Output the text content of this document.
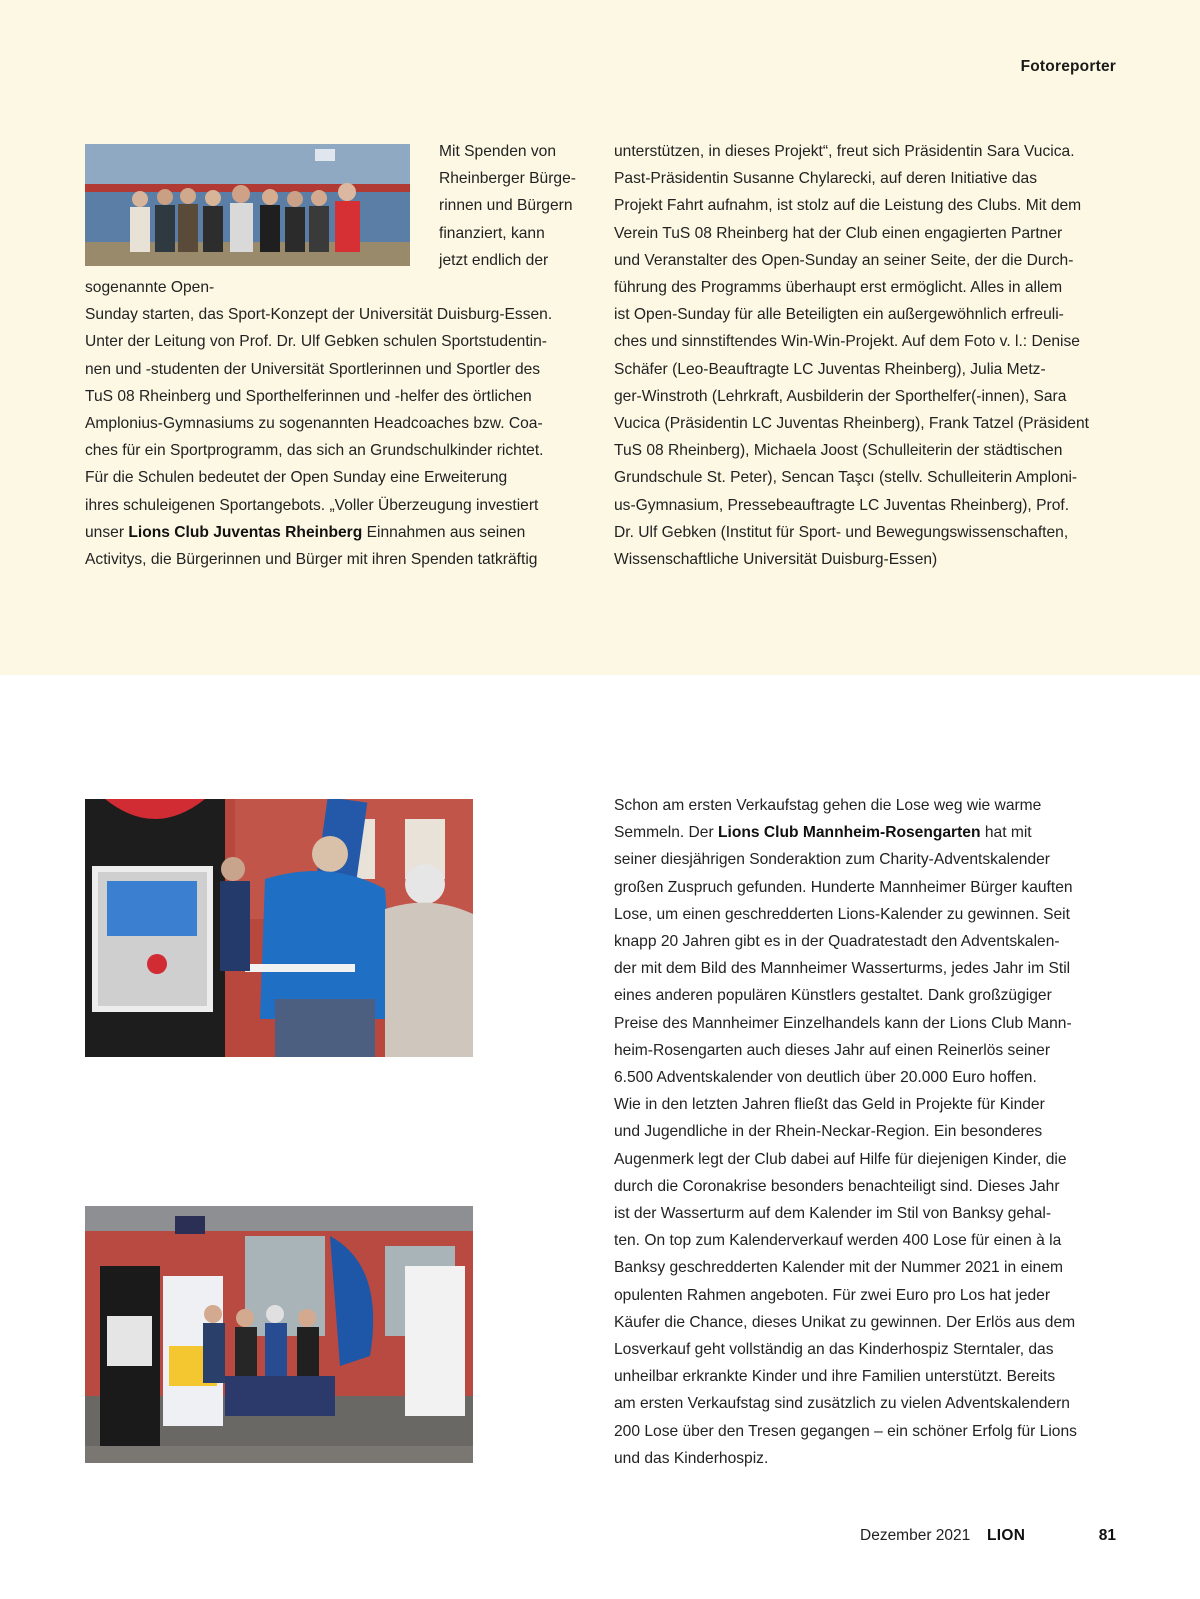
Fotoreporter
Mit Spenden von
Rheinberger Bürge-
rinnen und Bürgern
finanziert, kann
jetzt endlich der
sogenannte Open-
Sunday starten, das Sport-Konzept der Universität Duisburg-Essen.
Unter der Leitung von Prof. Dr. Ulf Gebken schulen Sportstudentin-
nen und -studenten der Universität Sportlerinnen und Sportler des
TuS 08 Rheinberg und Sporthelferinnen und -helfer des örtlichen
Amplonius-Gymnasiums zu sogenannten Headcoaches bzw. Coa-
ches für ein Sportprogramm, das sich an Grundschulkinder richtet.
Für die Schulen bedeutet der Open Sunday eine Erweiterung
ihres schuleigenen Sportangebots. „Voller Überzeugung investiert
unser Lions Club Juventas Rheinberg Einnahmen aus seinen
Activitys, die Bürgerinnen und Bürger mit ihren Spenden tatkräftig
unterstützen, in dieses Projekt“, freut sich Präsidentin Sara Vucica.
Past-Präsidentin Susanne Chylarecki, auf deren Initiative das
Projekt Fahrt aufnahm, ist stolz auf die Leistung des Clubs. Mit dem
Verein TuS 08 Rheinberg hat der Club einen engagierten Partner
und Veranstalter des Open-Sunday an seiner Seite, der die Durch-
führung des Programms überhaupt erst ermöglicht. Alles in allem
ist Open-Sunday für alle Beteiligten ein außergewöhnlich erfreuli-
ches und sinnstiftendes Win-Win-Projekt. Auf dem Foto v. l.: Denise
Schäfer (Leo-Beauftragte LC Juventas Rheinberg), Julia Metz-
ger-Winstroth (Lehrkraft, Ausbilderin der Sporthelfer(-innen), Sara
Vucica (Präsidentin LC Juventas Rheinberg), Frank Tatzel (Präsident
TuS 08 Rheinberg), Michaela Joost (Schulleiterin der städtischen
Grundschule St. Peter), Sencan Taşcı (stellv. Schulleiterin Amploni-
us-Gymnasium, Pressebeauftragte LC Juventas Rheinberg), Prof.
Dr. Ulf Gebken (Institut für Sport- und Bewegungswissenschaften,
Wissenschaftliche Universität Duisburg-Essen)
Schon am ersten Verkaufstag gehen die Lose weg wie warme
Semmeln. Der Lions Club Mannheim-Rosengarten hat mit
seiner diesjährigen Sonderaktion zum Charity-Adventskalender
großen Zuspruch gefunden. Hunderte Mannheimer Bürger kauften
Lose, um einen geschredderten Lions-Kalender zu gewinnen. Seit
knapp 20 Jahren gibt es in der Quadratestadt den Adventskalen-
der mit dem Bild des Mannheimer Wasserturms, jedes Jahr im Stil
eines anderen populären Künstlers gestaltet. Dank großzügiger
Preise des Mannheimer Einzelhandels kann der Lions Club Mann-
heim-Rosengarten auch dieses Jahr auf einen Reinerlös seiner
6.500 Adventskalender von deutlich über 20.000 Euro hoffen.
Wie in den letzten Jahren fließt das Geld in Projekte für Kinder
und Jugendliche in der Rhein-Neckar-Region. Ein besonderes
Augenmerk legt der Club dabei auf Hilfe für diejenigen Kinder, die
durch die Coronakrise besonders benachteiligt sind. Dieses Jahr
ist der Wasserturm auf dem Kalender im Stil von Banksy gehal-
ten. On top zum Kalenderverkauf werden 400 Lose für einen à la
Banksy geschredderten Kalender mit der Nummer 2021 in einem
opulenten Rahmen angeboten. Für zwei Euro pro Los hat jeder
Käufer die Chance, dieses Unikat zu gewinnen. Der Erlös aus dem
Losverkauf geht vollständig an das Kinderhospiz Sterntaler, das
unheilbar erkrankte Kinder und ihre Familien unterstützt. Bereits
am ersten Verkaufstag sind zusätzlich zu vielen Adventskalendern
200 Lose über den Tresen gegangen – ein schöner Erfolg für Lions
und das Kinderhospiz.
Dezember 2021 LION	81
